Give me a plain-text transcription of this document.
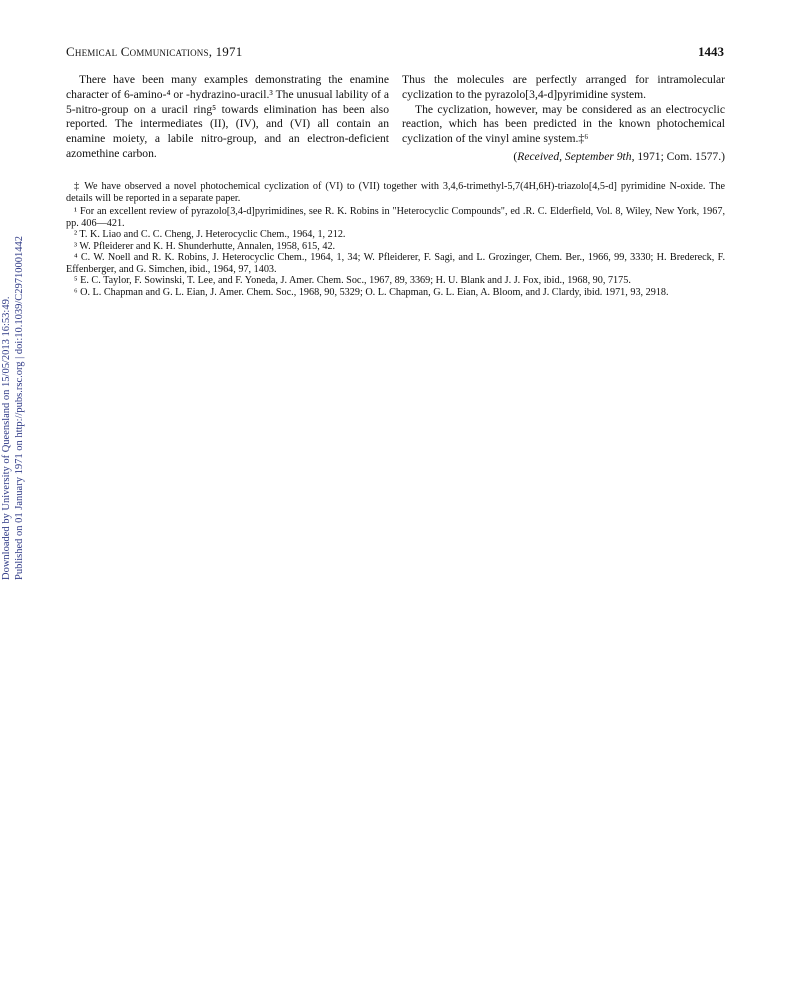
Chemical Communications, 1971	1443

There have been many examples demonstrating the enamine character of 6-amino-⁴ or -hydrazino-uracil.³ The unusual lability of a 5-nitro-group on a uracil ring⁵ towards elimination has been also reported. The intermediates (II), (IV), and (VI) all contain an enamine moiety, a labile nitro-group, and an electron-deficient azomethine carbon.

Thus the molecules are perfectly arranged for intramolecular cyclization to the pyrazolo[3,4-d]pyrimidine system.

The cyclization, however, may be considered as an electrocyclic reaction, which has been predicted in the known photochemical cyclization of the vinyl amine system.‡⁶

(Received, September 9th, 1971; Com. 1577.)

‡ We have observed a novel photochemical cyclization of (VI) to (VII) together with 3,4,6-trimethyl-5,7(4H,6H)-triazolo[4,5-d] pyrimidine N-oxide. The details will be reported in a separate paper.

¹ For an excellent review of pyrazolo[3,4-d]pyrimidines, see R. K. Robins in "Heterocyclic Compounds", ed .R. C. Elderfield, Vol. 8, Wiley, New York, 1967, pp. 406—421.

² T. K. Liao and C. C. Cheng, J. Heterocyclic Chem., 1964, 1, 212.

³ W. Pfleiderer and K. H. Shunderhutte, Annalen, 1958, 615, 42.

⁴ C. W. Noell and R. K. Robins, J. Heterocyclic Chem., 1964, 1, 34; W. Pfleiderer, F. Sagi, and L. Grozinger, Chem. Ber., 1966, 99, 3330; H. Bredereck, F. Effenberger, and G. Simchen, ibid., 1964, 97, 1403.

⁵ E. C. Taylor, F. Sowinski, T. Lee, and F. Yoneda, J. Amer. Chem. Soc., 1967, 89, 3369; H. U. Blank and J. J. Fox, ibid., 1968, 90, 7175.

⁶ O. L. Chapman and G. L. Eian, J. Amer. Chem. Soc., 1968, 90, 5329; O. L. Chapman, G. L. Eian, A. Bloom, and J. Clardy, ibid. 1971, 93, 2918.

Downloaded by University of Queensland on 15/05/2013 16:53:49. Published on 01 January 1971 on http://pubs.rsc.org | doi:10.1039/C29710001442
